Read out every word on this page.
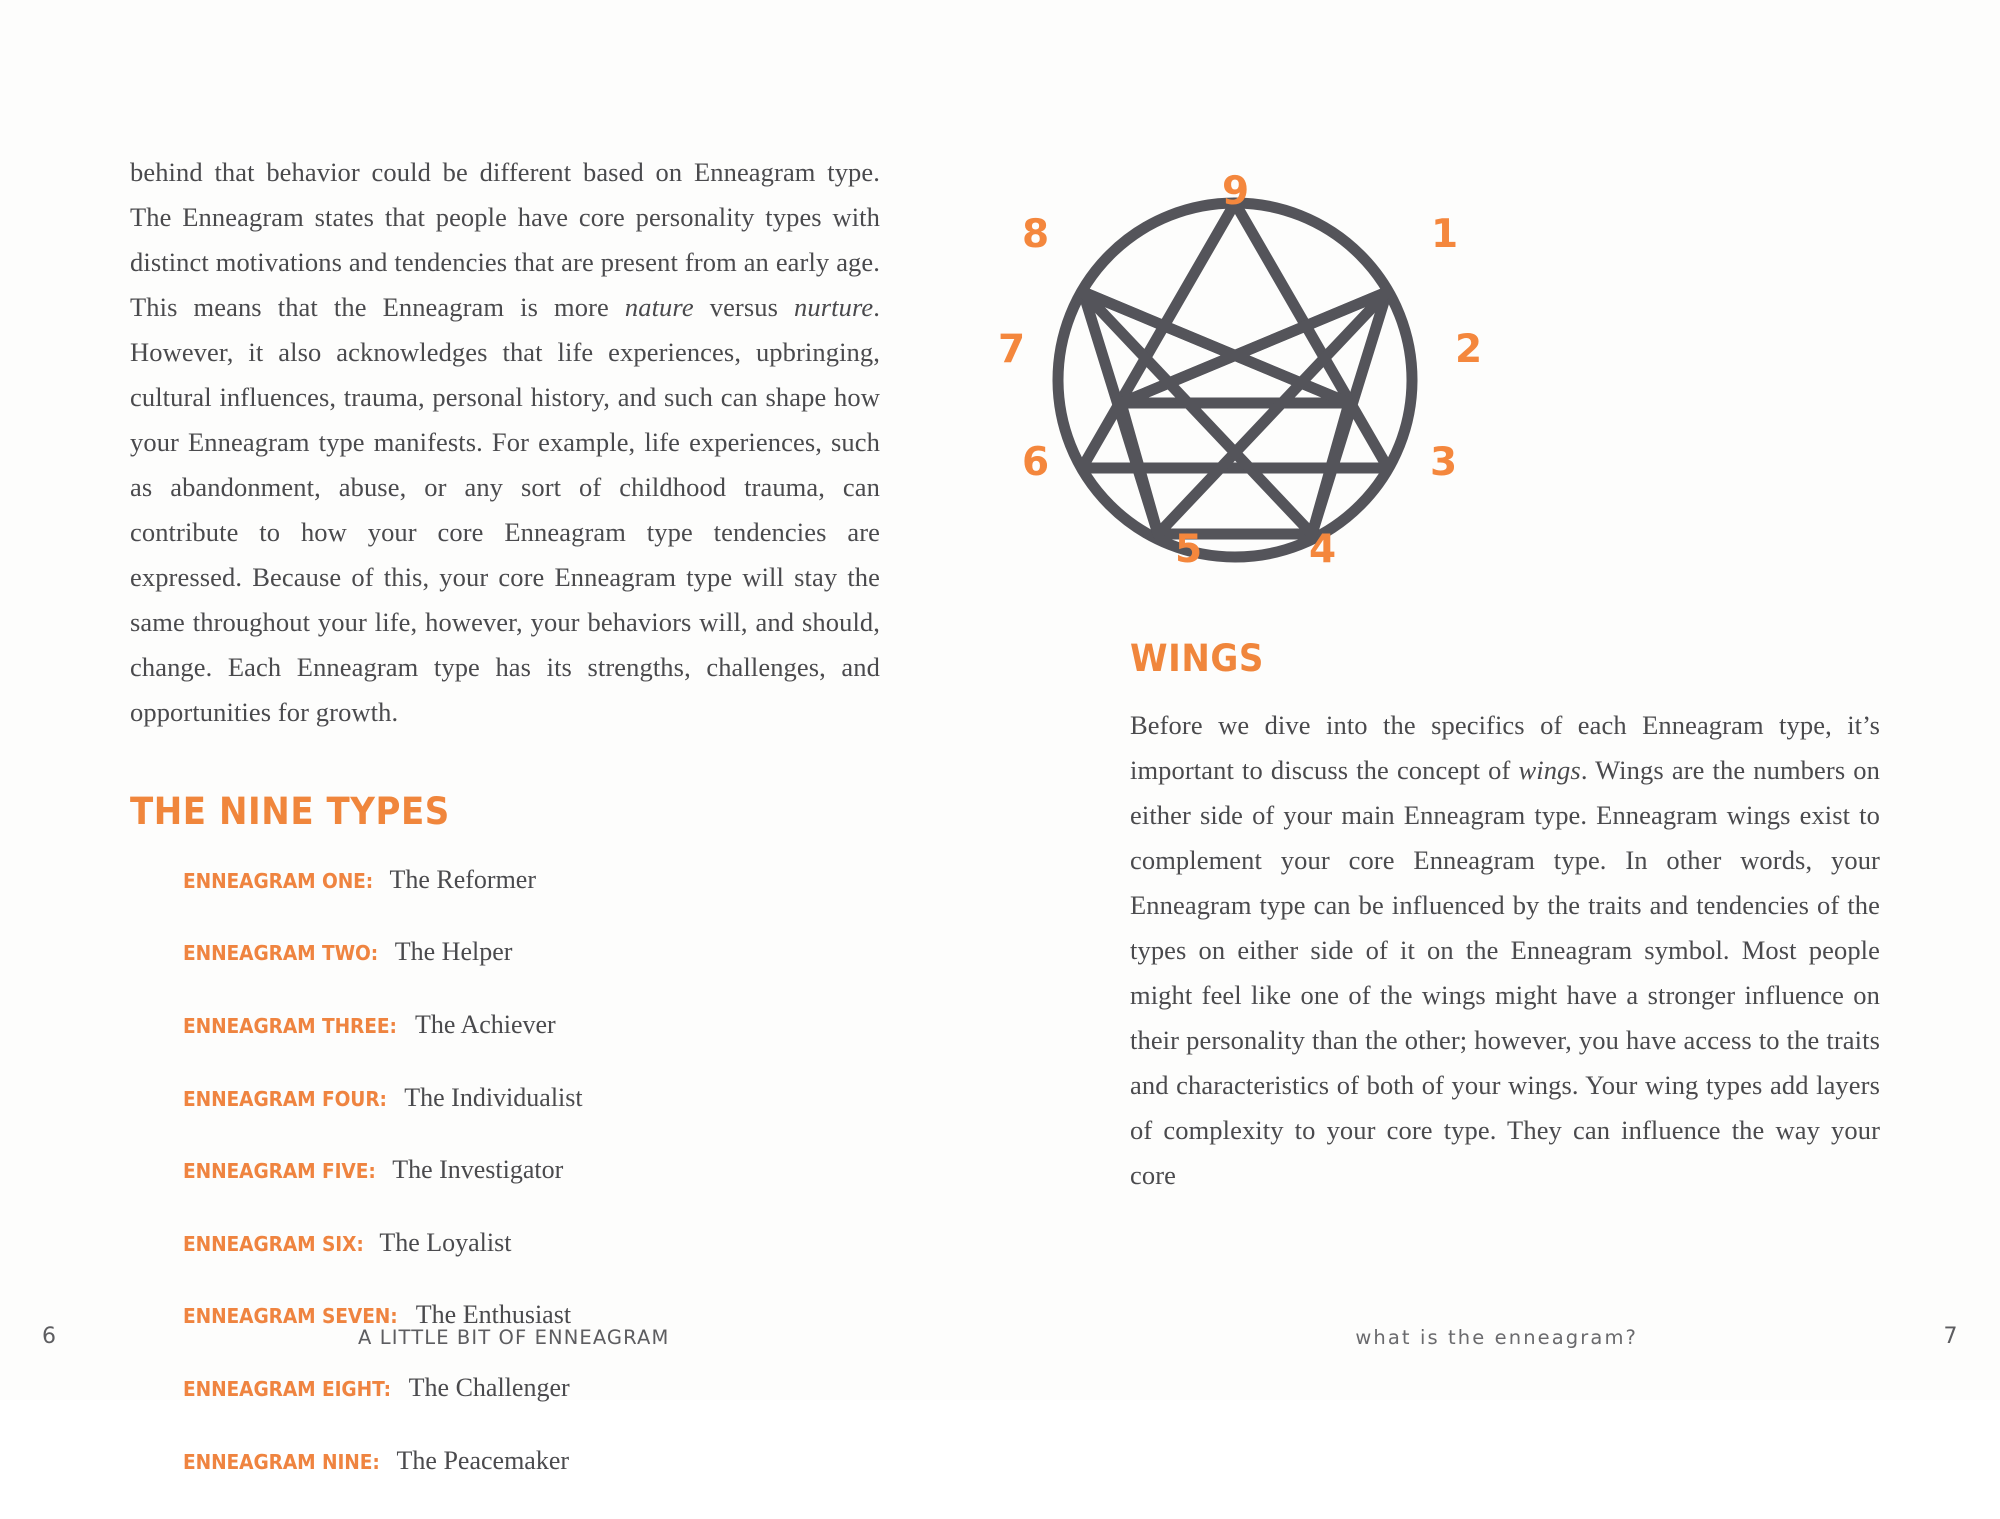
behind that behavior could be different based on Enneagram type. The Enneagram states that people have core personality types with distinct motivations and tendencies that are present from an early age. This means that the Enneagram is more nature versus nurture. However, it also acknowledges that life experiences, upbringing, cultural influences, trauma, personal history, and such can shape how your Enneagram type manifests. For example, life experiences, such as abandonment, abuse, or any sort of childhood trauma, can contribute to how your core Enneagram type tendencies are expressed. Because of this, your core Enneagram type will stay the same throughout your life, however, your behaviors will, and should, change. Each Enneagram type has its strengths, challenges, and opportunities for growth.

THE NINE TYPES
ENNEAGRAM ONE: The Reformer
ENNEAGRAM TWO: The Helper
ENNEAGRAM THREE: The Achiever
ENNEAGRAM FOUR: The Individualist
ENNEAGRAM FIVE: The Investigator
ENNEAGRAM SIX: The Loyalist
ENNEAGRAM SEVEN: The Enthusiast
ENNEAGRAM EIGHT: The Challenger
ENNEAGRAM NINE: The Peacemaker
1
2
3
4
5
6
7
8
9
WINGS

Before we dive into the specifics of each Enneagram type, it’s important to discuss the concept of wings. Wings are the numbers on either side of your main Enneagram type. Enneagram wings exist to complement your core Enneagram type. In other words, your Enneagram type can be influenced by the traits and tendencies of the types on either side of it on the Enneagram symbol. Most people might feel like one of the wings might have a stronger influence on their personality than the other; however, you have access to the traits and characteristics of both of your wings. Your wing types add layers of complexity to your core type. They can influence the way your core

6	A LITTLE BIT OF ENNEAGRAM	what is the enneagram?	7
